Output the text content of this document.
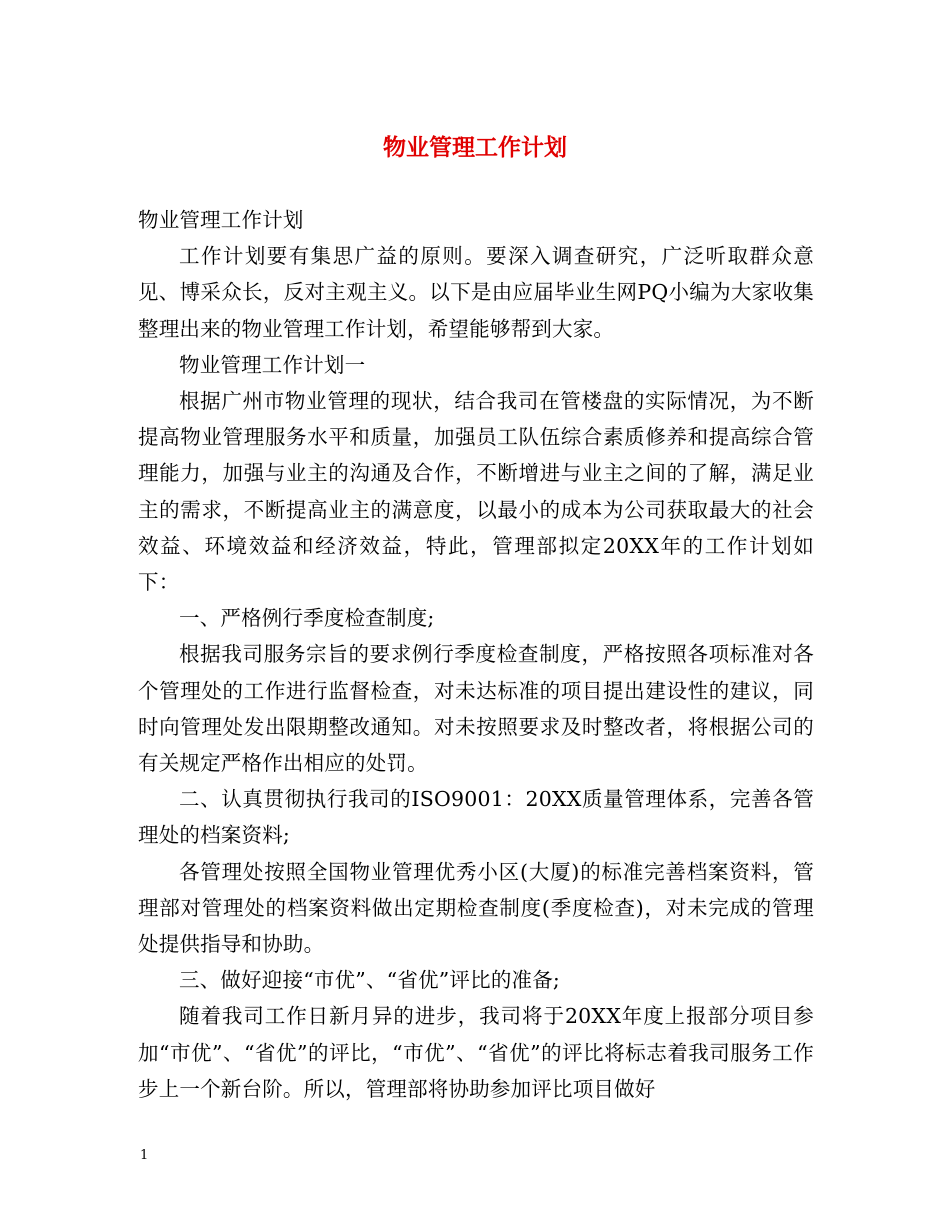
物业管理工作计划

物业管理工作计划

工作计划要有集思广益的原则。要深入调查研究，广泛听取群众意见、博采众长，反对主观主义。以下是由应届毕业生网PQ小编为大家收集整理出来的物业管理工作计划，希望能够帮到大家。

物业管理工作计划一

根据广州市物业管理的现状，结合我司在管楼盘的实际情况，为不断提高物业管理服务水平和质量，加强员工队伍综合素质修养和提高综合管理能力，加强与业主的沟通及合作，不断增进与业主之间的了解，满足业主的需求，不断提高业主的满意度，以最小的成本为公司获取最大的社会效益、环境效益和经济效益，特此，管理部拟定20XX年的工作计划如下：

一、严格例行季度检查制度;

根据我司服务宗旨的要求例行季度检查制度，严格按照各项标准对各个管理处的工作进行监督检查，对未达标准的项目提出建设性的建议，同时向管理处发出限期整改通知。对未按照要求及时整改者，将根据公司的有关规定严格作出相应的处罚。

二、认真贯彻执行我司的ISO9001：20XX质量管理体系，完善各管理处的档案资料;

各管理处按照全国物业管理优秀小区(大厦)的标准完善档案资料，管理部对管理处的档案资料做出定期检查制度(季度检查)，对未完成的管理处提供指导和协助。

三、做好迎接“市优”、“省优”评比的准备;

随着我司工作日新月异的进步，我司将于20XX年度上报部分项目参加“市优”、“省优”的评比，“市优”、“省优”的评比将标志着我司服务工作步上一个新台阶。所以，管理部将协助参加评比项目做好

1
